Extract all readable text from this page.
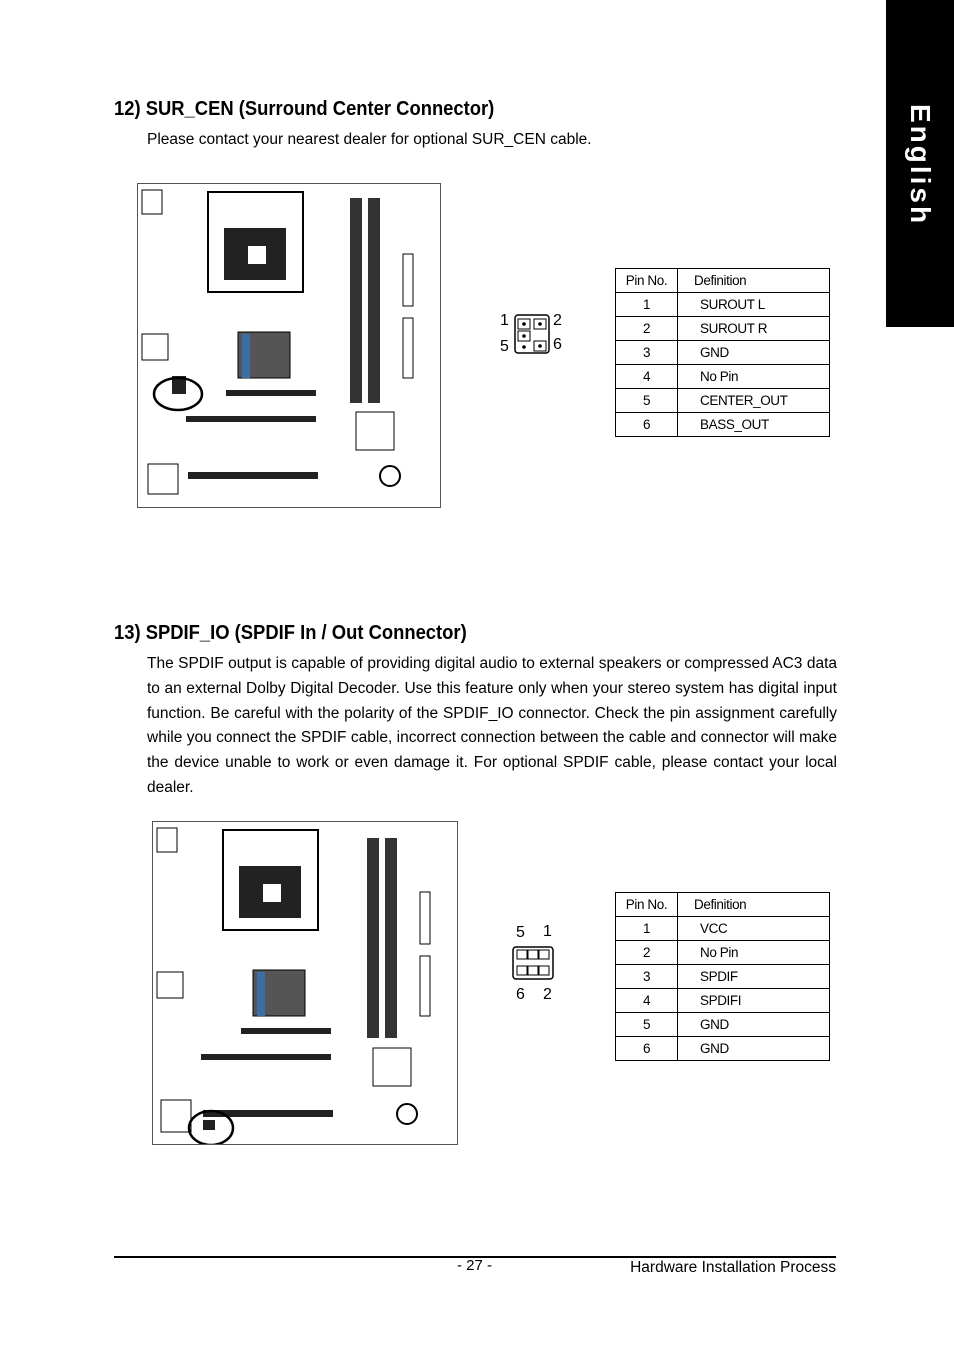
English
12) SUR_CEN (Surround Center Connector)
Please contact your nearest dealer for optional SUR_CEN cable.
1	2
5	6
Pin No.	Definition
1	SUROUT L
2	SUROUT R
3	GND
4	No Pin
5	CENTER_OUT
6	BASS_OUT
13) SPDIF_IO (SPDIF In / Out Connector)
The SPDIF output is capable of providing digital audio to external speakers or compressed AC3 data to an external Dolby Digital Decoder. Use this feature only when your stereo system has digital input function. Be careful with the polarity of the SPDIF_IO connector. Check the pin assignment carefully while you connect the SPDIF cable, incorrect connection between the cable and connector will make the device unable to work or even damage it. For optional SPDIF cable, please contact your local dealer.
5 1
6 2
Pin No.	Definition
1	VCC
2	No Pin
3	SPDIF
4	SPDIFI
5	GND
6	GND
- 27 -	Hardware Installation Process
